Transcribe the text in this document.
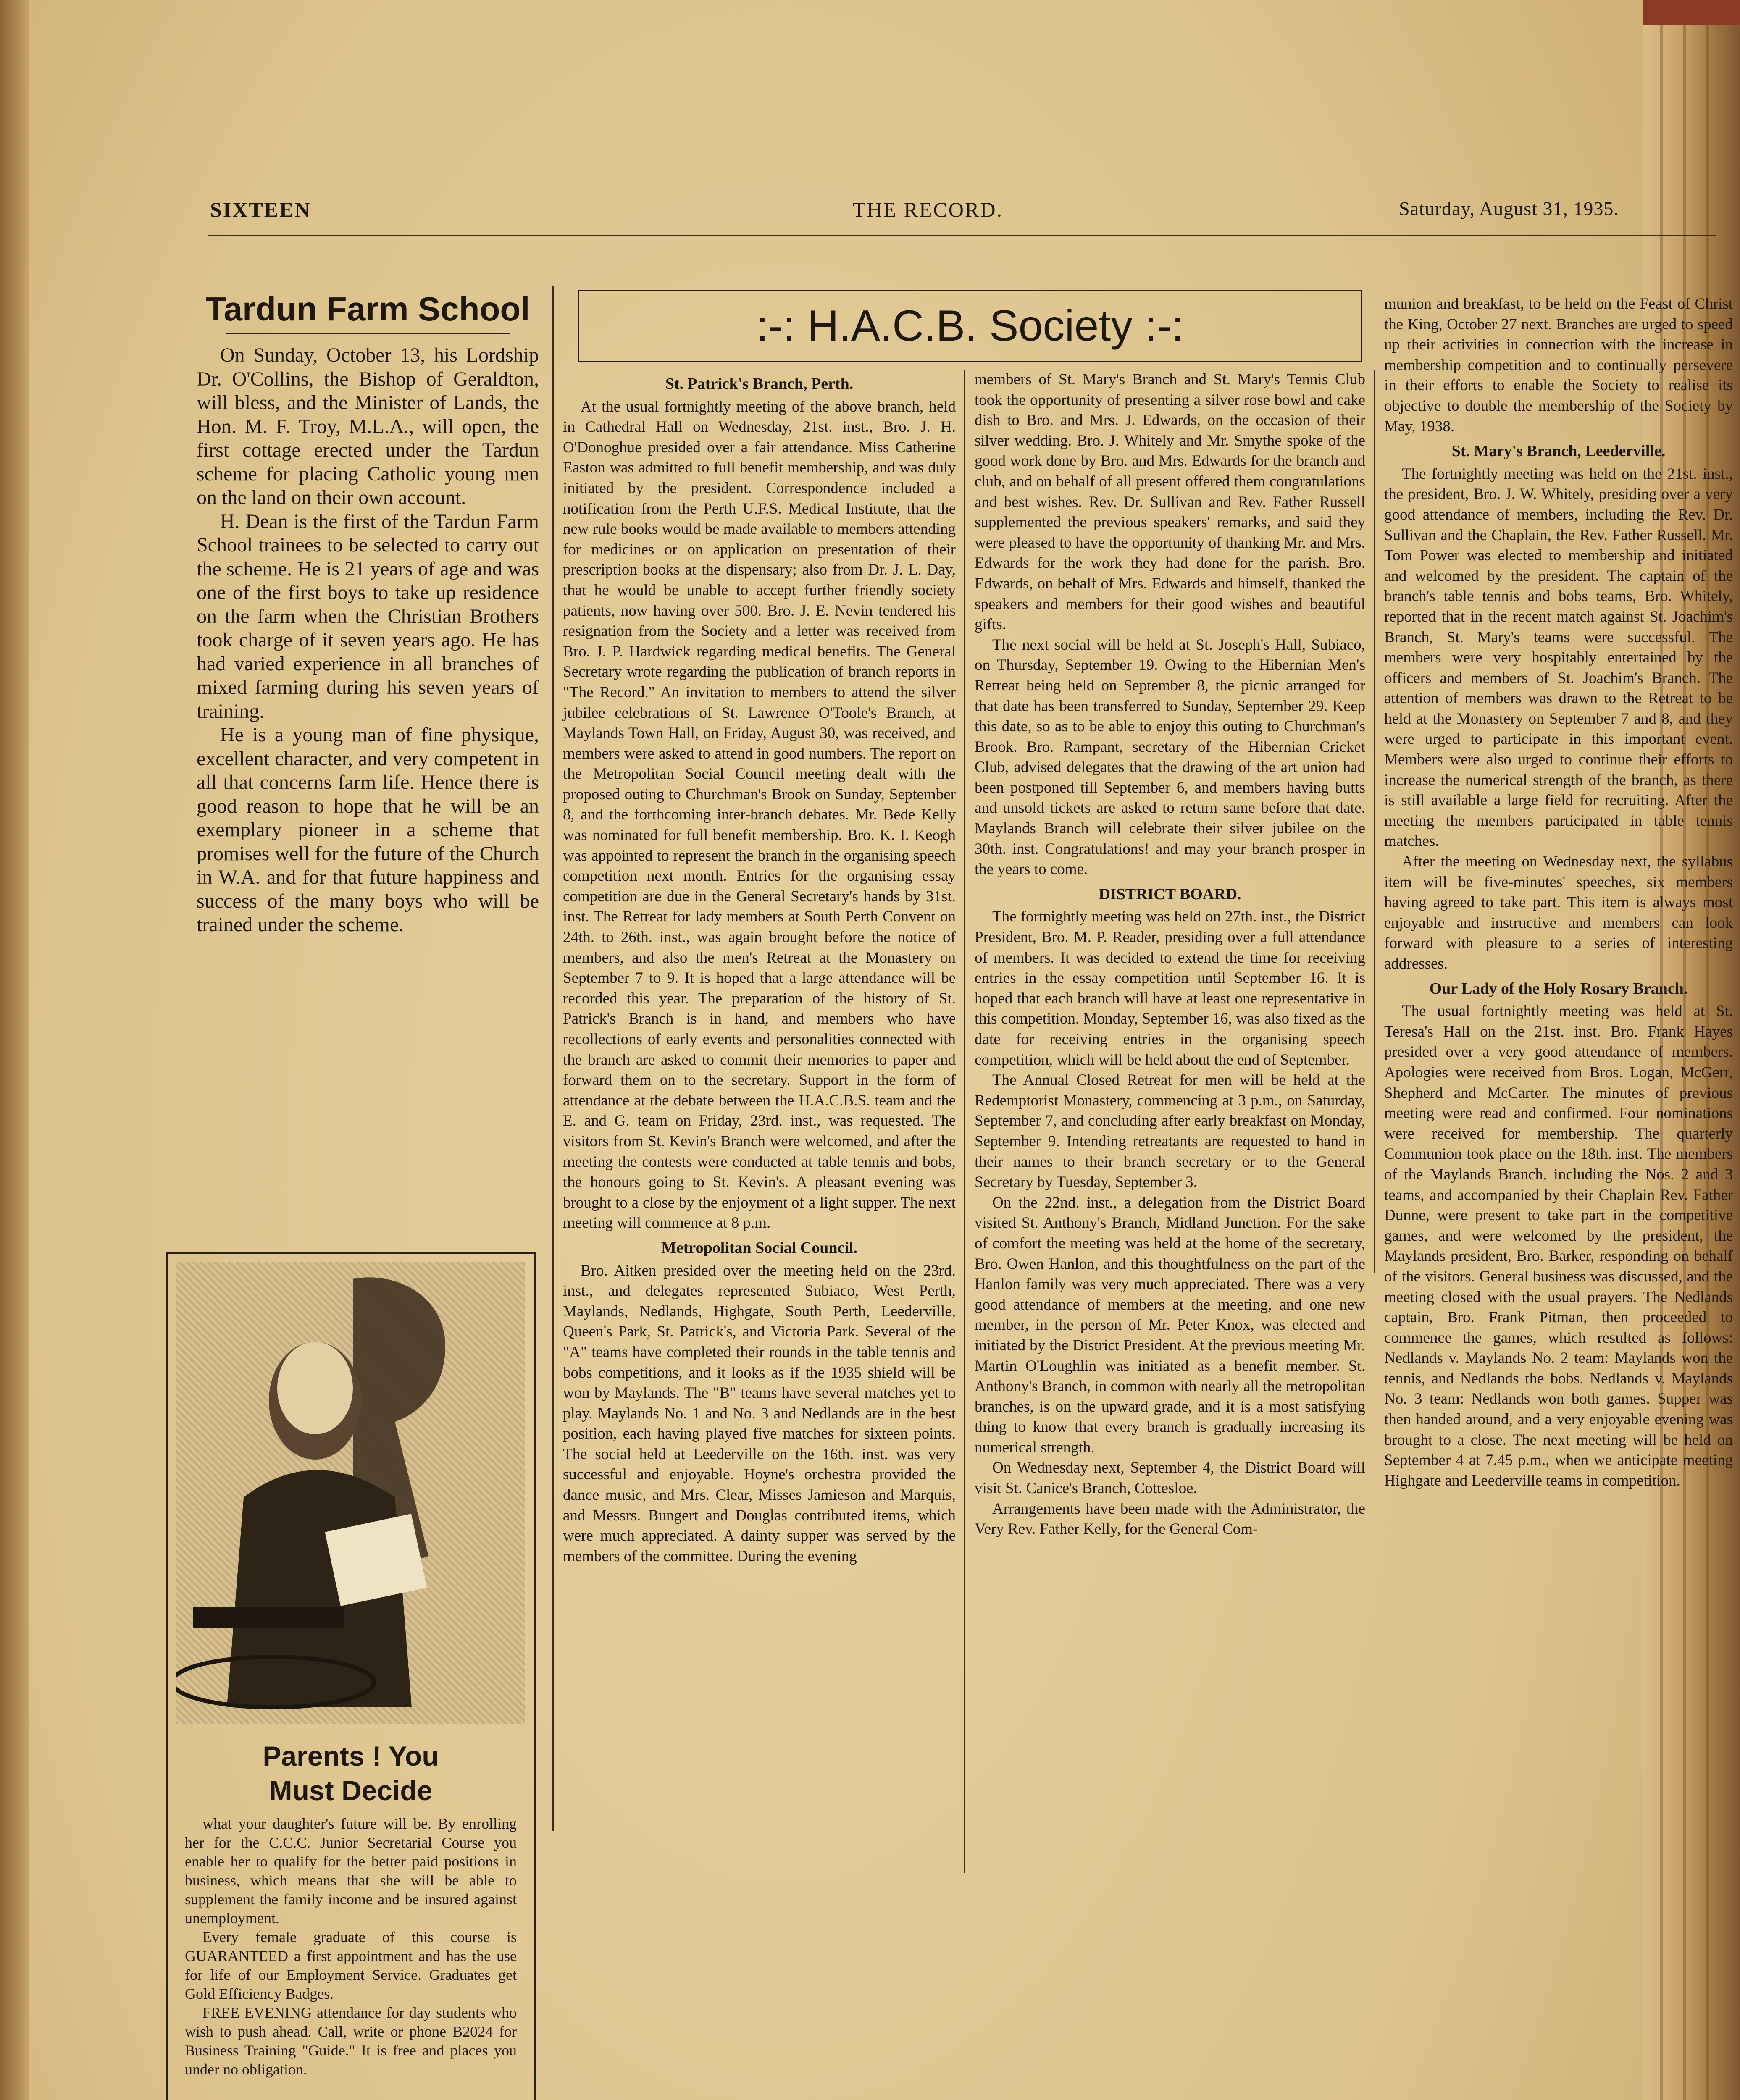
SIXTEEN	THE RECORD.	Saturday, August 31, 1935.
Tardun Farm School

On Sunday, October 13, his Lordship Dr. O'Collins, the Bishop of Geraldton, will bless, and the Minister of Lands, the Hon. M. F. Troy, M.L.A., will open, the first cottage erected under the Tardun scheme for placing Catholic young men on the land on their own account.

H. Dean is the first of the Tardun Farm School trainees to be selected to carry out the scheme. He is 21 years of age and was one of the first boys to take up residence on the farm when the Christian Brothers took charge of it seven years ago. He has had varied experience in all branches of mixed farming during his seven years of training.

He is a young man of fine physique, excellent character, and very competent in all that concerns farm life. Hence there is good reason to hope that he will be an exemplary pioneer in a scheme that promises well for the future of the Church in W.A. and for that future happiness and success of the many boys who will be trained under the scheme.

Parents ! You
Must Decide

what your daughter's future will be. By enrolling her for the C.C.C. Junior Secretarial Course you enable her to qualify for the better paid positions in business, which means that she will be able to supplement the family income and be insured against unemployment.

Every female graduate of this course is GUARANTEED a first appointment and has the use for life of our Employment Service. Graduates get Gold Efficiency Badges.

FREE EVENING attendance for day students who wish to push ahead. Call, write or phone B2024 for Business Training "Guide." It is free and places you under no obligation.

:-: H.A.C.B. Society :-:
St. Patrick's Branch, Perth.

At the usual fortnightly meeting of the above branch, held in Cathedral Hall on Wednesday, 21st. inst., Bro. J. H. O'Donoghue presided over a fair attendance. Miss Catherine Easton was admitted to full benefit membership, and was duly initiated by the president. Correspondence included a notification from the Perth U.F.S. Medical Institute, that the new rule books would be made available to members attending for medicines or on application on presentation of their prescription books at the dispensary; also from Dr. J. L. Day, that he would be unable to accept further friendly society patients, now having over 500. Bro. J. E. Nevin tendered his resignation from the Society and a letter was received from Bro. J. P. Hardwick regarding medical benefits. The General Secretary wrote regarding the publication of branch reports in "The Record." An invitation to members to attend the silver jubilee celebrations of St. Lawrence O'Toole's Branch, at Maylands Town Hall, on Friday, August 30, was received, and members were asked to attend in good numbers. The report on the Metropolitan Social Council meeting dealt with the proposed outing to Churchman's Brook on Sunday, September 8, and the forthcoming inter-branch debates. Mr. Bede Kelly was nominated for full benefit membership. Bro. K. I. Keogh was appointed to represent the branch in the organising speech competition next month. Entries for the organising essay competition are due in the General Secretary's hands by 31st. inst. The Retreat for lady members at South Perth Convent on 24th. to 26th. inst., was again brought before the notice of members, and also the men's Retreat at the Monastery on September 7 to 9. It is hoped that a large attendance will be recorded this year. The preparation of the history of St. Patrick's Branch is in hand, and members who have recollections of early events and personalities connected with the branch are asked to commit their memories to paper and forward them on to the secretary. Support in the form of attendance at the debate between the H.A.C.B.S. team and the E. and G. team on Friday, 23rd. inst., was requested. The visitors from St. Kevin's Branch were welcomed, and after the meeting the contests were conducted at table tennis and bobs, the honours going to St. Kevin's. A pleasant evening was brought to a close by the enjoyment of a light supper. The next meeting will commence at 8 p.m.

Metropolitan Social Council.

Bro. Aitken presided over the meeting held on the 23rd. inst., and delegates represented Subiaco, West Perth, Maylands, Nedlands, Highgate, South Perth, Leederville, Queen's Park, St. Patrick's, and Victoria Park. Several of the "A" teams have completed their rounds in the table tennis and bobs competitions, and it looks as if the 1935 shield will be won by Maylands. The "B" teams have several matches yet to play. Maylands No. 1 and No. 3 and Nedlands are in the best position, each having played five matches for sixteen points. The social held at Leederville on the 16th. inst. was very successful and enjoyable. Hoyne's orchestra provided the dance music, and Mrs. Clear, Misses Jamieson and Marquis, and Messrs. Bungert and Douglas contributed items, which were much appreciated. A dainty supper was served by the members of the committee. During the evening

members of St. Mary's Branch and St. Mary's Tennis Club took the opportunity of presenting a silver rose bowl and cake dish to Bro. and Mrs. J. Edwards, on the occasion of their silver wedding. Bro. J. Whitely and Mr. Smythe spoke of the good work done by Bro. and Mrs. Edwards for the branch and club, and on behalf of all present offered them congratulations and best wishes. Rev. Dr. Sullivan and Rev. Father Russell supplemented the previous speakers' remarks, and said they were pleased to have the opportunity of thanking Mr. and Mrs. Edwards for the work they had done for the parish. Bro. Edwards, on behalf of Mrs. Edwards and himself, thanked the speakers and members for their good wishes and beautiful gifts.

The next social will be held at St. Joseph's Hall, Subiaco, on Thursday, September 19. Owing to the Hibernian Men's Retreat being held on September 8, the picnic arranged for that date has been transferred to Sunday, September 29. Keep this date, so as to be able to enjoy this outing to Churchman's Brook. Bro. Rampant, secretary of the Hibernian Cricket Club, advised delegates that the drawing of the art union had been postponed till September 6, and members having butts and unsold tickets are asked to return same before that date. Maylands Branch will celebrate their silver jubilee on the 30th. inst. Congratulations! and may your branch prosper in the years to come.

DISTRICT BOARD.

The fortnightly meeting was held on 27th. inst., the District President, Bro. M. P. Reader, presiding over a full attendance of members. It was decided to extend the time for receiving entries in the essay competition until September 16. It is hoped that each branch will have at least one representative in this competition. Monday, September 16, was also fixed as the date for receiving entries in the organising speech competition, which will be held about the end of September.

The Annual Closed Retreat for men will be held at the Redemptorist Monastery, commencing at 3 p.m., on Saturday, September 7, and concluding after early breakfast on Monday, September 9. Intending retreatants are requested to hand in their names to their branch secretary or to the General Secretary by Tuesday, September 3.

On the 22nd. inst., a delegation from the District Board visited St. Anthony's Branch, Midland Junction. For the sake of comfort the meeting was held at the home of the secretary, Bro. Owen Hanlon, and this thoughtfulness on the part of the Hanlon family was very much appreciated. There was a very good attendance of members at the meeting, and one new member, in the person of Mr. Peter Knox, was elected and initiated by the District President. At the previous meeting Mr. Martin O'Loughlin was initiated as a benefit member. St. Anthony's Branch, in common with nearly all the metropolitan branches, is on the upward grade, and it is a most satisfying thing to know that every branch is gradually increasing its numerical strength.

On Wednesday next, September 4, the District Board will visit St. Canice's Branch, Cottesloe.

Arrangements have been made with the Administrator, the Very Rev. Father Kelly, for the General Com-

munion and breakfast, to be held on the Feast of Christ the King, October 27 next. Branches are urged to speed up their activities in connection with the increase in membership competition and to continually persevere in their efforts to enable the Society to realise its objective to double the membership of the Society by May, 1938.

St. Mary's Branch, Leederville.

The fortnightly meeting was held on the 21st. inst., the president, Bro. J. W. Whitely, presiding over a very good attendance of members, including the Rev. Dr. Sullivan and the Chaplain, the Rev. Father Russell. Mr. Tom Power was elected to membership and initiated and welcomed by the president. The captain of the branch's table tennis and bobs teams, Bro. Whitely, reported that in the recent match against St. Joachim's Branch, St. Mary's teams were successful. The members were very hospitably entertained by the officers and members of St. Joachim's Branch. The attention of members was drawn to the Retreat to be held at the Monastery on September 7 and 8, and they were urged to participate in this important event. Members were also urged to continue their efforts to increase the numerical strength of the branch, as there is still available a large field for recruiting. After the meeting the members participated in table tennis matches.

After the meeting on Wednesday next, the syllabus item will be five-minutes' speeches, six members having agreed to take part. This item is always most enjoyable and instructive and members can look forward with pleasure to a series of interesting addresses.

Our Lady of the Holy Rosary Branch.

The usual fortnightly meeting was held at St. Teresa's Hall on the 21st. inst. Bro. Frank Hayes presided over a very good attendance of members. Apologies were received from Bros. Logan, McGerr, Shepherd and McCarter. The minutes of previous meeting were read and confirmed. Four nominations were received for membership. The quarterly Communion took place on the 18th. inst. The members of the Maylands Branch, including the Nos. 2 and 3 teams, and accompanied by their Chaplain Rev. Father Dunne, were present to take part in the competitive games, and were welcomed by the president, the Maylands president, Bro. Barker, responding on behalf of the visitors. General business was discussed, and the meeting closed with the usual prayers. The Nedlands captain, Bro. Frank Pitman, then proceeded to commence the games, which resulted as follows: Nedlands v. Maylands No. 2 team: Maylands won the tennis, and Nedlands the bobs. Nedlands v. Maylands No. 3 team: Nedlands won both games. Supper was then handed around, and a very enjoyable evening was brought to a close. The next meeting will be held on September 4 at 7.45 p.m., when we anticipate meeting Highgate and Leederville teams in competition.
